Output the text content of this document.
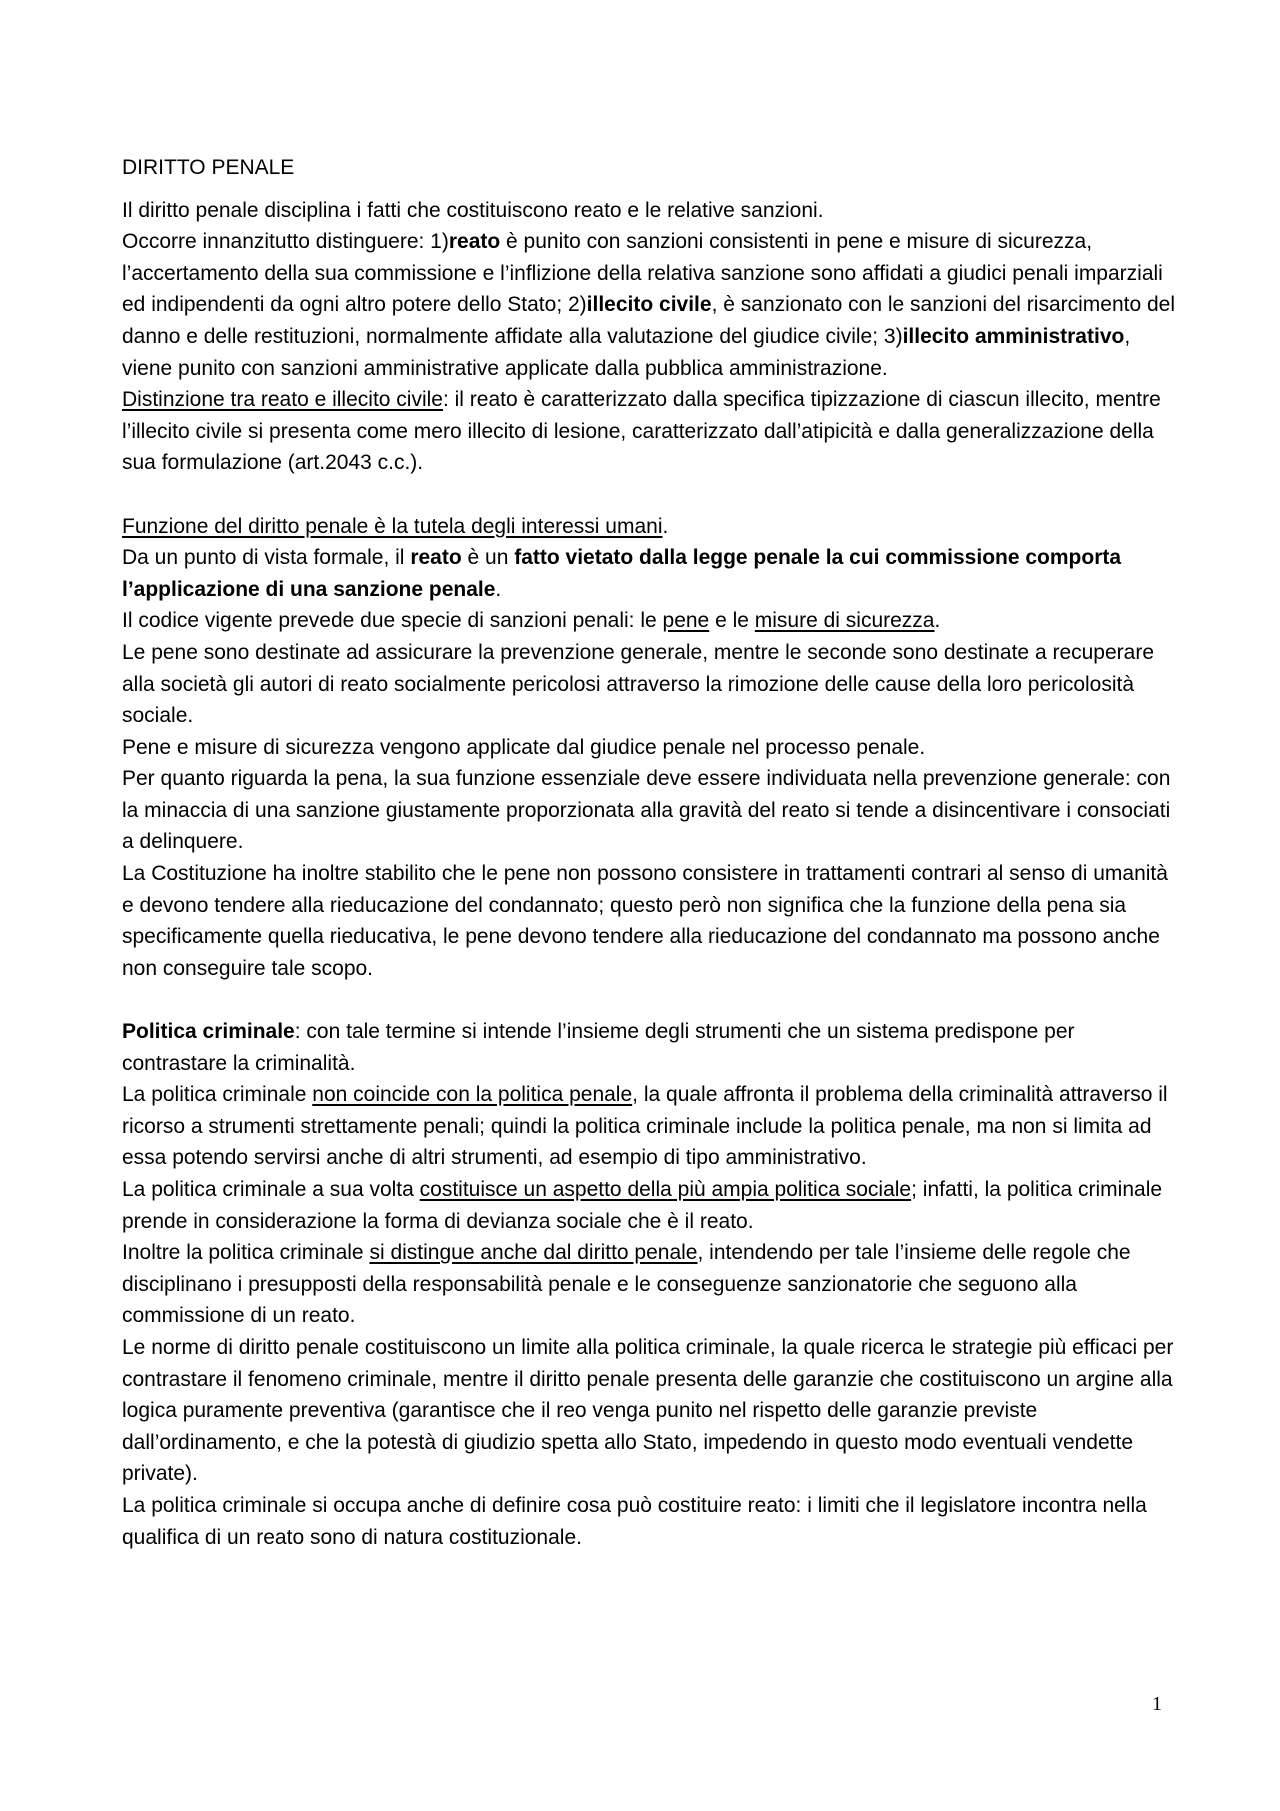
DIRITTO PENALE

Il diritto penale disciplina i fatti che costituiscono reato e le relative sanzioni.

Occorre innanzitutto distinguere: 1)reato è punito con sanzioni consistenti in pene e misure di sicurezza, l’accertamento della sua commissione e l’inflizione della relativa sanzione sono affidati a giudici penali imparziali ed indipendenti da ogni altro potere dello Stato; 2)illecito civile, è sanzionato con le sanzioni del risarcimento del danno e delle restituzioni, normalmente affidate alla valutazione del giudice civile; 3)illecito amministrativo, viene punito con sanzioni amministrative applicate dalla pubblica amministrazione.

Distinzione tra reato e illecito civile: il reato è caratterizzato dalla specifica tipizzazione di ciascun illecito, mentre l’illecito civile si presenta come mero illecito di lesione, caratterizzato dall’atipicità e dalla generalizzazione della sua formulazione (art.2043 c.c.).

Funzione del diritto penale è la tutela degli interessi umani.

Da un punto di vista formale, il reato è un fatto vietato dalla legge penale la cui commissione comporta l’applicazione di una sanzione penale.

Il codice vigente prevede due specie di sanzioni penali: le pene e le misure di sicurezza.

Le pene sono destinate ad assicurare la prevenzione generale, mentre le seconde sono destinate a recuperare alla società gli autori di reato socialmente pericolosi attraverso la rimozione delle cause della loro pericolosità sociale.

Pene e misure di sicurezza vengono applicate dal giudice penale nel processo penale.

Per quanto riguarda la pena, la sua funzione essenziale deve essere individuata nella prevenzione generale: con la minaccia di una sanzione giustamente proporzionata alla gravità del reato si tende a disincentivare i consociati a delinquere.

La Costituzione ha inoltre stabilito che le pene non possono consistere in trattamenti contrari al senso di umanità e devono tendere alla rieducazione del condannato; questo però non significa che la funzione della pena sia specificamente quella rieducativa, le pene devono tendere alla rieducazione del condannato ma possono anche non conseguire tale scopo.

Politica criminale: con tale termine si intende l’insieme degli strumenti che un sistema predispone per contrastare la criminalità.

La politica criminale non coincide con la politica penale, la quale affronta il problema della criminalità attraverso il ricorso a strumenti strettamente penali; quindi la politica criminale include la politica penale, ma non si limita ad essa potendo servirsi anche di altri strumenti, ad esempio di tipo amministrativo.

La politica criminale a sua volta costituisce un aspetto della più ampia politica sociale; infatti, la politica criminale prende in considerazione la forma di devianza sociale che è il reato.

Inoltre la politica criminale si distingue anche dal diritto penale, intendendo per tale l’insieme delle regole che disciplinano i presupposti della responsabilità penale e le conseguenze sanzionatorie che seguono alla commissione di un reato.

Le norme di diritto penale costituiscono un limite alla politica criminale, la quale ricerca le strategie più efficaci per contrastare il fenomeno criminale, mentre il diritto penale presenta delle garanzie che costituiscono un argine alla logica puramente preventiva (garantisce che il reo venga punito nel rispetto delle garanzie previste dall’ordinamento, e che la potestà di giudizio spetta allo Stato, impedendo in questo modo eventuali vendette private).

La politica criminale si occupa anche di definire cosa può costituire reato: i limiti che il legislatore incontra nella qualifica di un reato sono di natura costituzionale.

1
